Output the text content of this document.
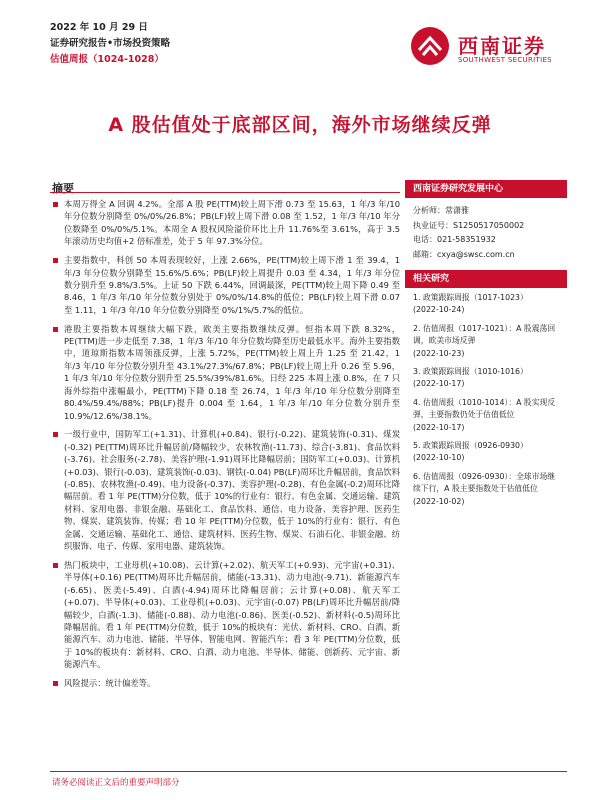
2022 年 10 月 29 日
证券研究报告•市场投资策略
估值周报（1024-1028）
西南证券
SOUTHWEST SECURITIES
A 股估值处于底部区间，海外市场继续反弹
摘要
本周万得全 A 回调 4.2%。全部 A 股 PE(TTM)较上周下滑 0.73 至 15.63，1 年/3 年/10 年分位数分别降至 0%/0%/26.8%；PB(LF)较上周下滑 0.08 至 1.52，1 年/3 年/10 年分位数降至 0%/0%/5.1%。本周全 A 股权风险溢价环比上升 11.76%至 3.61%，高于 3.5 年滚动历史均值+2 倍标准差，处于 5 年 97.3%分位。
主要指数中，科创 50 本周表现较好，上涨 2.66%，PE(TTM)较上周下滑 1 至 39.4，1 年/3 年分位数分别降至 15.6%/5.6%；PB(LF)较上周提升 0.03 至 4.34，1 年/3 年分位数分别升至 9.8%/3.5%。上证 50 下跌 6.44%，回调最深，PE(TTM)较上周下降 0.49 至 8.46，1 年/3 年/10 年分位数分别处于 0%/0%/14.8%的低位；PB(LF)较上周下滑 0.07 至 1.11，1 年/3 年/10 年分位数分别降至 0%/1%/5.7%的低位。
港股主要指数本周继续大幅下跌，欧美主要指数继续反弹。恒指本周下跌 8.32%，PE(TTM)进一步走低至 7.38，1 年/3 年/10 年分位数均降至历史最低水平。海外主要指数中，道琼斯指数本周领涨反弹，上涨 5.72%，PE(TTM)较上周上升 1.25 至 21.42，1 年/3 年/10 年分位数分别升至 43.1%/27.3%/67.8%；PB(LF)较上周上升 0.26 至 5.96，1 年/3 年/10 年分位数分别升至 25.5%/39%/81.6%。日经 225 本周上涨 0.8%，在 7 只海外综指中涨幅最小，PE(TTM)下降 0.18 至 26.74，1 年/3 年/10 年分位数分别降至 80.4%/59.4%/88%；PB(LF)提升 0.004 至 1.64，1 年/3 年/10 年分位数分别升至 10.9%/12.6%/38.1%。
一级行业中，国防军工(+1.31)、计算机(+0.84)、银行(-0.22)、建筑装饰(-0.31)、煤炭(-0.32) PE(TTM)周环比升幅居前/降幅较少，农林牧渔(-11.73)、综合(-3.81)、食品饮料(-3.76)、社会服务(-2.78)、美容护理(-1.91)周环比降幅居前；国防军工(+0.03)、计算机(+0.03)、银行(-0.03)、建筑装饰(-0.03)、钢铁(-0.04) PB(LF)周环比升幅居前，食品饮料(-0.85)、农林牧渔(-0.49)、电力设备(-0.37)、美容护理(-0.28)、有色金属(-0.2)周环比降幅居前。看 1 年 PE(TTM)分位数，低于 10%的行业有：银行、有色金属、交通运输、建筑材料、家用电器、非银金融、基础化工、食品饮料、通信、电力设备、美容护理、医药生物、煤炭、建筑装饰、传媒；看 10 年 PE(TTM)分位数，低于 10%的行业有：银行、有色金属、交通运输、基础化工、通信、建筑材料、医药生物、煤炭、石油石化、非银金融、纺织服饰、电子、传媒、家用电器、建筑装饰。
热门板块中，工业母机(+10.08)、云计算(+2.02)、航天军工(+0.93)、元宇宙(+0.31)、半导体(+0.16) PE(TTM)周环比升幅居前，储能(-13.31)、动力电池(-9.71)、新能源汽车(-6.65)、医美(-5.49)、白酒(-4.94)周环比降幅居前；云计算(+0.08)、航天军工(+0.07)、半导体(+0.03)、工业母机(+0.03)、元宇宙(-0.07) PB(LF)周环比升幅居前/降幅较少，白酒(-1.3)、储能(-0.88)、动力电池(-0.86)、医美(-0.52)、新材料(-0.5)周环比降幅居前。看 1 年 PE(TTM)分位数，低于 10%的板块有：光伏、新材料、CRO、白酒、新能源汽车、动力电池、储能、半导体、智能电网、智能汽车；看 3 年 PE(TTM)分位数，低于 10%的板块有：新材料、CRO、白酒、动力电池、半导体、储能、创新药、元宇宙、新能源汽车。
风险提示：统计偏差等。
西南证券研究发展中心
分析师：常潇雅
执业证号：S1250517050002
电话：021-58351932
邮箱：cxya@swsc.com.cn
相关研究
1. 政策跟踪周报（1017-1023）
(2022-10-24)
2. 估值周报（1017-1021）：A 股震荡回调，欧美市场反弹
(2022-10-23)
3. 政策跟踪周报（1010-1016）
(2022-10-17)
4. 估值周报（1010-1014）：A 股实现反弹，主要指数仍处于估值低位
(2022-10-17)
5. 政策跟踪周报（0926-0930）
(2022-10-10)
6. 估值周报（0926-0930）：全球市场继续下行，A 股主要指数处于估值低位
(2022-10-02)
请务必阅读正文后的重要声明部分
